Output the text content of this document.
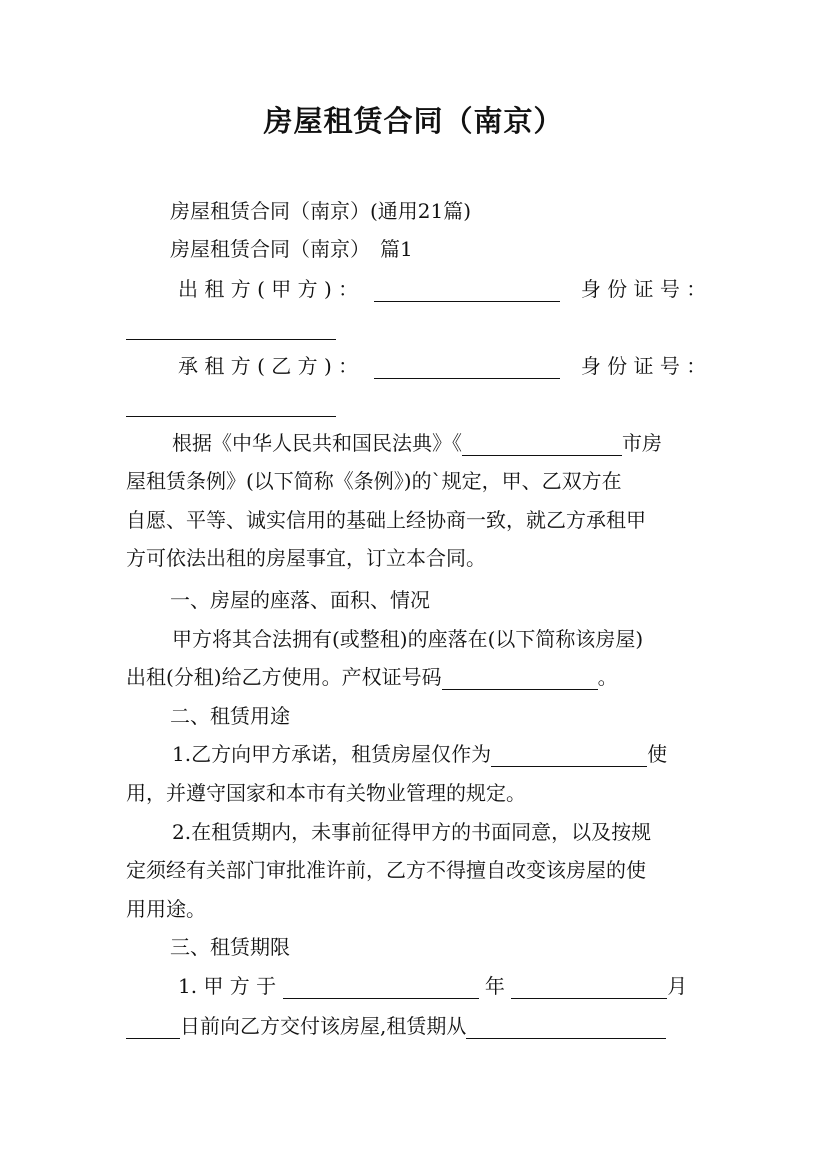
房屋租赁合同（南京）
房屋租赁合同（南京）(通用21篇)
房屋租赁合同（南京）　篇1
出 租 方 ( 甲 方 ) ：	身 份 证 号 ：
承 租 方 ( 乙 方 ) ：	身 份 证 号 ：
根据《中华人民共和国民法典》《	市房
屋租赁条例》(以下简称《条例》)的`规定，甲、乙双方在
自愿、平等、诚实信用的基础上经协商一致，就乙方承租甲
方可依法出租的房屋事宜，订立本合同。
一、房屋的座落、面积、情况
甲方将其合法拥有(或整租)的座落在(以下简称该房屋)
出租(分租)给乙方使用。产权证号码	。
二、租赁用途
1.乙方向甲方承诺，租赁房屋仅作为	使
用，并遵守国家和本市有关物业管理的规定。
2.在租赁期内，未事前征得甲方的书面同意，以及按规
定须经有关部门审批准许前，乙方不得擅自改变该房屋的使
用用途。
三、租赁期限
1. 甲 方 于	年	月
日前向乙方交付该房屋,租赁期从
